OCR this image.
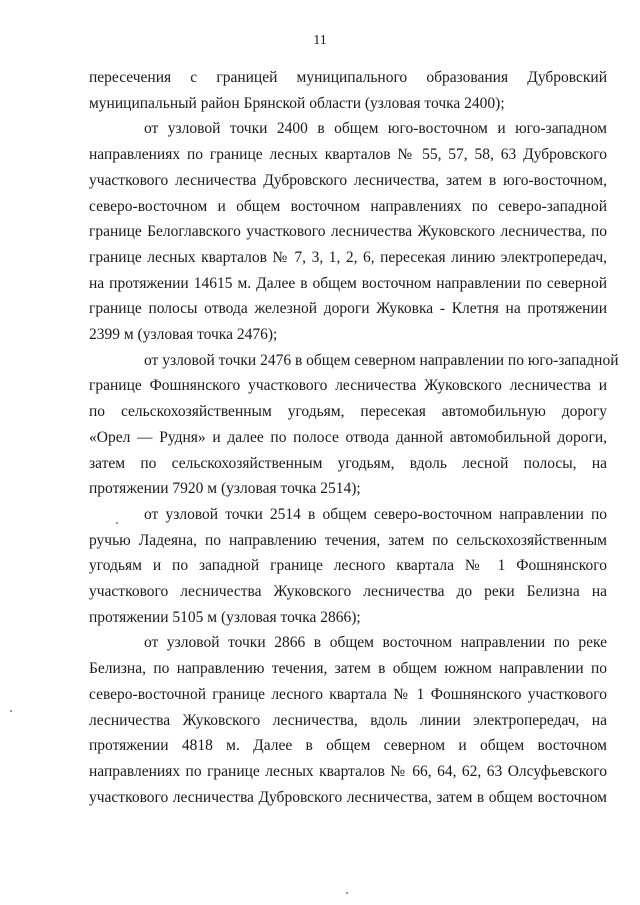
11
пересечения с границей муниципального образования Дубровский
муниципальный район Брянской области (узловая точка 2400);
от узловой точки 2400 в общем юго-восточном и юго-западном
направлениях по границе лесных кварталов № 55, 57, 58, 63 Дубровского
участкового лесничества Дубровского лесничества, затем в юго-восточном,
северо-восточном и общем восточном направлениях по северо-западной
границе Белоглавского участкового лесничества Жуковского лесничества, по
границе лесных кварталов № 7, 3, 1, 2, 6, пересекая линию электропередач,
на протяжении 14615 м. Далее в общем восточном направлении по северной
границе полосы отвода железной дороги Жуковка - Клетня на протяжении
2399 м (узловая точка 2476);
от узловой точки 2476 в общем северном направлении по юго-западной
границе Фошнянского участкового лесничества Жуковского лесничества и
по сельскохозяйственным угодьям, пересекая автомобильную дорогу
«Орел — Рудня» и далее по полосе отвода данной автомобильной дороги,
затем по сельскохозяйственным угодьям, вдоль лесной полосы, на
протяжении 7920 м (узловая точка 2514);
от узловой точки 2514 в общем северо-восточном направлении по
ручью Ладеяна, по направлению течения, затем по сельскохозяйственным
угодьям и по западной границе лесного квартала № 1 Фошнянского
участкового лесничества Жуковского лесничества до реки Белизна на
протяжении 5105 м (узловая точка 2866);
от узловой точки 2866 в общем восточном направлении по реке
Белизна, по направлению течения, затем в общем южном направлении по
северо-восточной границе лесного квартала № 1 Фошнянского участкового
лесничества Жуковского лесничества, вдоль линии электропередач, на
протяжении 4818 м. Далее в общем северном и общем восточном
направлениях по границе лесных кварталов № 66, 64, 62, 63 Олсуфьевского
участкового лесничества Дубровского лесничества, затем в общем восточном
